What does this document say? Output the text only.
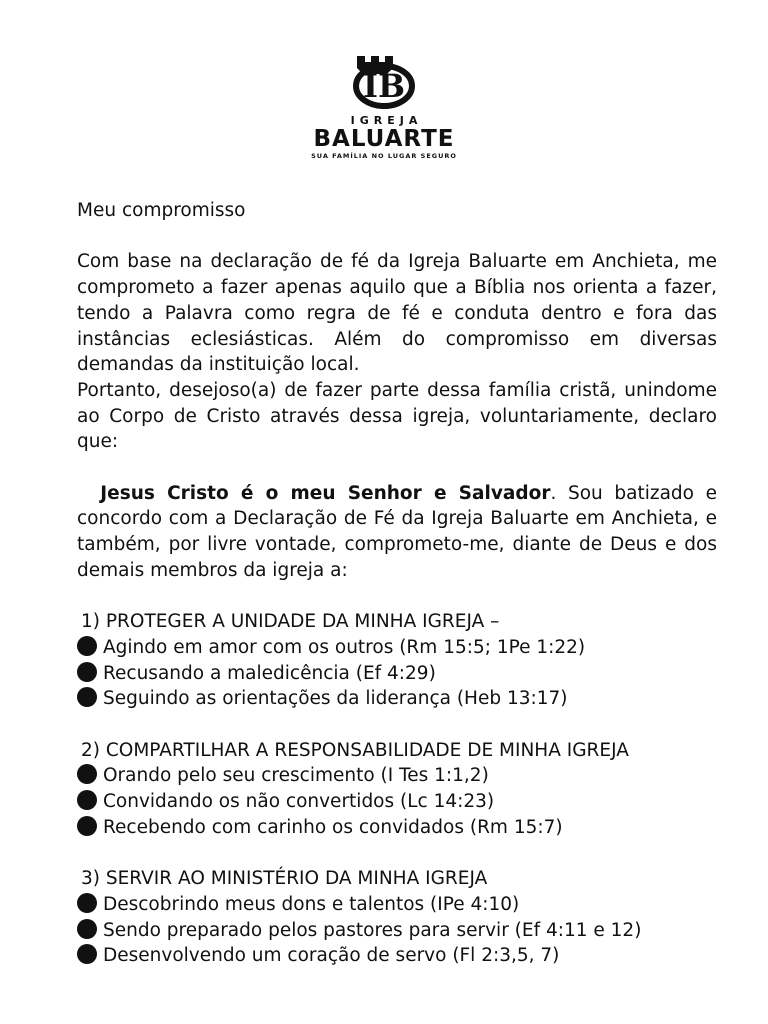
IB
IGREJA
BALUARTE
SUA FAMÍLIA NO LUGAR SEGURO

Meu compromisso

Com base na declaração de fé da Igreja Baluarte em Anchieta, me comprometo a fazer apenas aquilo que a Bíblia nos orienta a fazer, tendo a Palavra como regra de fé e conduta dentro e fora das instâncias eclesiásticas. Além do compromisso em diversas demandas da instituição local.

Portanto, desejoso(a) de fazer parte dessa família cristã, unindome ao Corpo de Cristo através dessa igreja, voluntariamente, declaro que:

Jesus Cristo é o meu Senhor e Salvador. Sou batizado e concordo com a Declaração de Fé da Igreja Baluarte em Anchieta, e também, por livre vontade, comprometo-me, diante de Deus e dos demais membros da igreja a:

1) PROTEGER A UNIDADE DA MINHA IGREJA –

Agindo em amor com os outros (Rm 15:5; 1Pe 1:22)

Recusando a maledicência (Ef 4:29)

Seguindo as orientações da liderança (Heb 13:17)

2) COMPARTILHAR A RESPONSABILIDADE DE MINHA IGREJA

Orando pelo seu crescimento (I Tes 1:1,2)

Convidando os não convertidos (Lc 14:23)

Recebendo com carinho os convidados (Rm 15:7)

3) SERVIR AO MINISTÉRIO DA MINHA IGREJA

Descobrindo meus dons e talentos (IPe 4:10)

Sendo preparado pelos pastores para servir (Ef 4:11 e 12)

Desenvolvendo um coração de servo (Fl 2:3,5, 7)
